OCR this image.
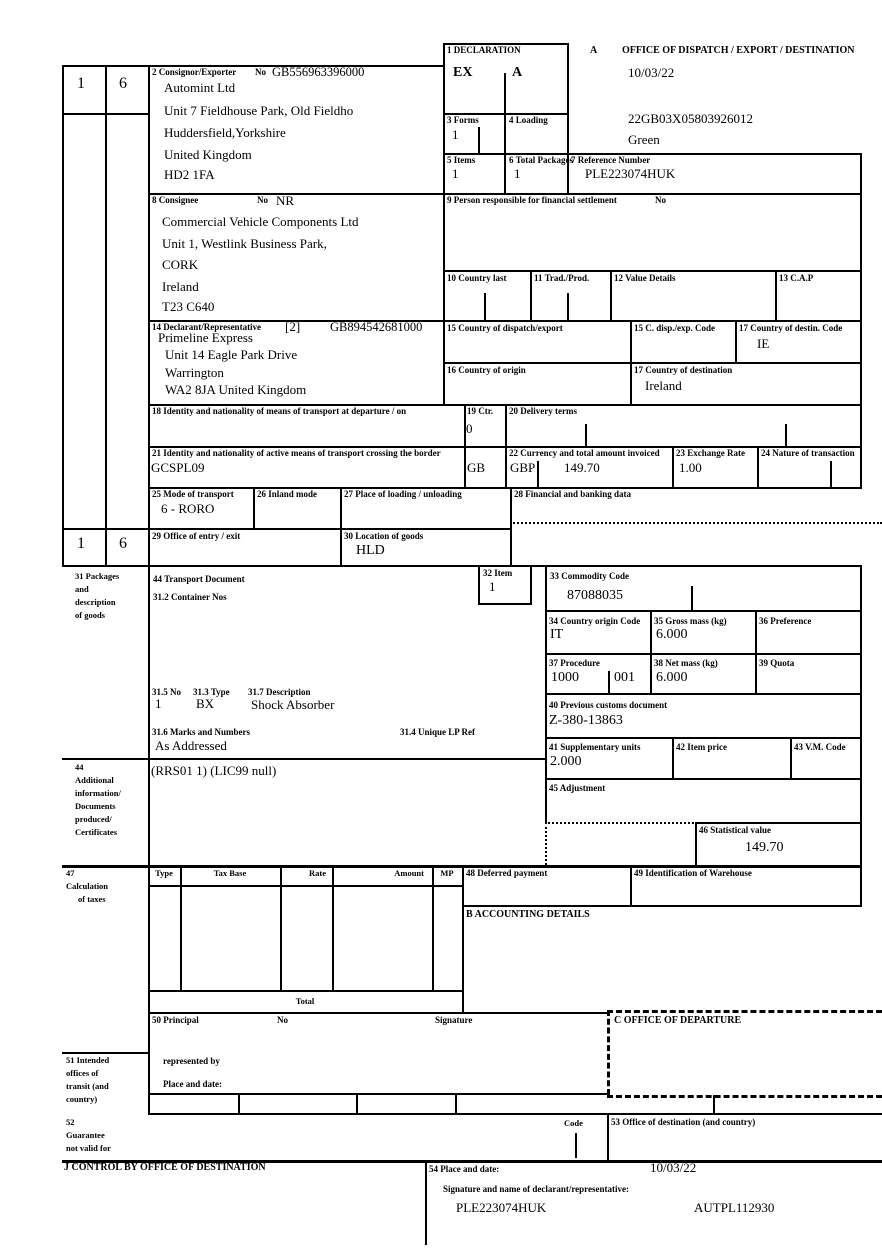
1 6
1 6
1 DECLARATION
EX	A
A OFFICE OF DISPATCH / EXPORT / DESTINATION
10/03/22
22GB03X05803926012
Green
2 Consignor/Exporter No GB556963396000
Automint Ltd
Unit 7 Fieldhouse Park, Old Fieldho
Huddersfield,Yorkshire
United Kingdom
HD2 1FA
3 Forms
1
4 Loading
5 Items
1
6 Total Packages
1
7 Reference Number
PLE223074HUK
8 Consignee	No NR
Commercial Vehicle Components Ltd
Unit 1, Westlink Business Park,
CORK
Ireland
T23 C640
9 Person responsible for financial settlement	No
10 Country last	11 Trad./Prod.	12 Value Details	13 C.A.P
14 Declarant/Representative [2] GB894542681000
Primeline Express
Unit 14 Eagle Park Drive
Warrington
WA2 8JA United Kingdom
15 Country of dispatch/export	15 C. disp./exp. Code	17 Country of destin. Code
IE
16 Country of origin	17 Country of destination
Ireland
18 Identity and nationality of means of transport at departure / on	19 Ctr.
0
20 Delivery terms
21 Identity and nationality of active means of transport crossing the border
GCSPL09	GB
22 Currency and total amount invoiced
GBP 149.70
23 Exchange Rate
1.00
24 Nature of transaction
25 Mode of transport
6 - RORO
26 Inland mode	27 Place of loading / unloading	28 Financial and banking data
29 Office of entry / exit	30 Location of goods
HLD
31 Packages
and
description
of goods
44 Transport Document
31.2 Container Nos
32 Item
1
33 Commodity Code
87088035
34 Country origin Code
IT
35 Gross mass (kg)
6.000
36 Preference
37 Procedure
1000	001
38 Net mass (kg)
6.000
39 Quota
40 Previous customs document
Z-380-13863
31.5 No
1
31.3 Type
BX
31.7 Description
Shock Absorber
31.6 Marks and Numbers
As Addressed
31.4 Unique LP Ref
41 Supplementary units
2.000
42 Item price	43 V.M. Code
44
Additional
information/
Documents
produced/
Certificates
(RRS01 1) (LIC99 null)
45 Adjustment
46 Statistical value
149.70
47
Calculation
of taxes
Type	Tax Base	Rate	Amount	MP
Total
48 Deferred payment	49 Identification of Warehouse
B ACCOUNTING DETAILS
50 Principal	No	Signature
represented by
Place and date:
C OFFICE OF DEPARTURE
51 Intended
offices of
transit (and
country)
52
Guarantee
not valid for
Code	53 Office of destination (and country)
J CONTROL BY OFFICE OF DESTINATION	54 Place and date:	10/03/22
Signature and name of declarant/representative:
PLE223074HUK	AUTPL112930
